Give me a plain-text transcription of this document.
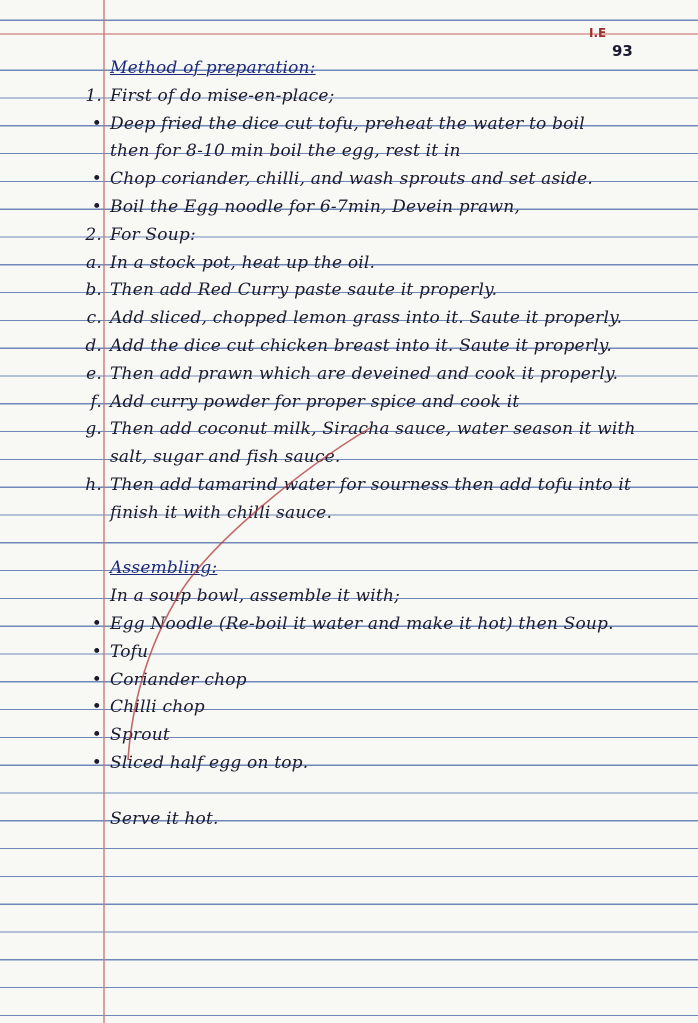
I.E
93
Method of preparation:
1. First of do mise-en-place;
• Deep fried the dice cut tofu, preheat the water to boil
then for 8-10 min boil the egg, rest it in
• Chop coriander, chilli, and wash sprouts and set aside.
• Boil the Egg noodle for 6-7min, Devein prawn,
2. For Soup:
a. In a stock pot, heat up the oil.
b. Then add Red Curry paste saute it properly.
c. Add sliced, chopped lemon grass into it. Saute it properly.
d. Add the dice cut chicken breast into it. Saute it properly.
e. Then add prawn which are deveined and cook it properly.
f. Add curry powder for proper spice and cook it
g. Then add coconut milk, Siracha sauce, water season it with
salt, sugar and fish sauce.
h. Then add tamarind water for sourness then add tofu into it
finish it with chilli sauce.
Assembling:
In a soup bowl, assemble it with;
• Egg Noodle (Re-boil it water and make it hot) then Soup.
• Tofu
• Coriander chop
• Chilli chop
• Sprout
• Sliced half egg on top.
Serve it hot.
